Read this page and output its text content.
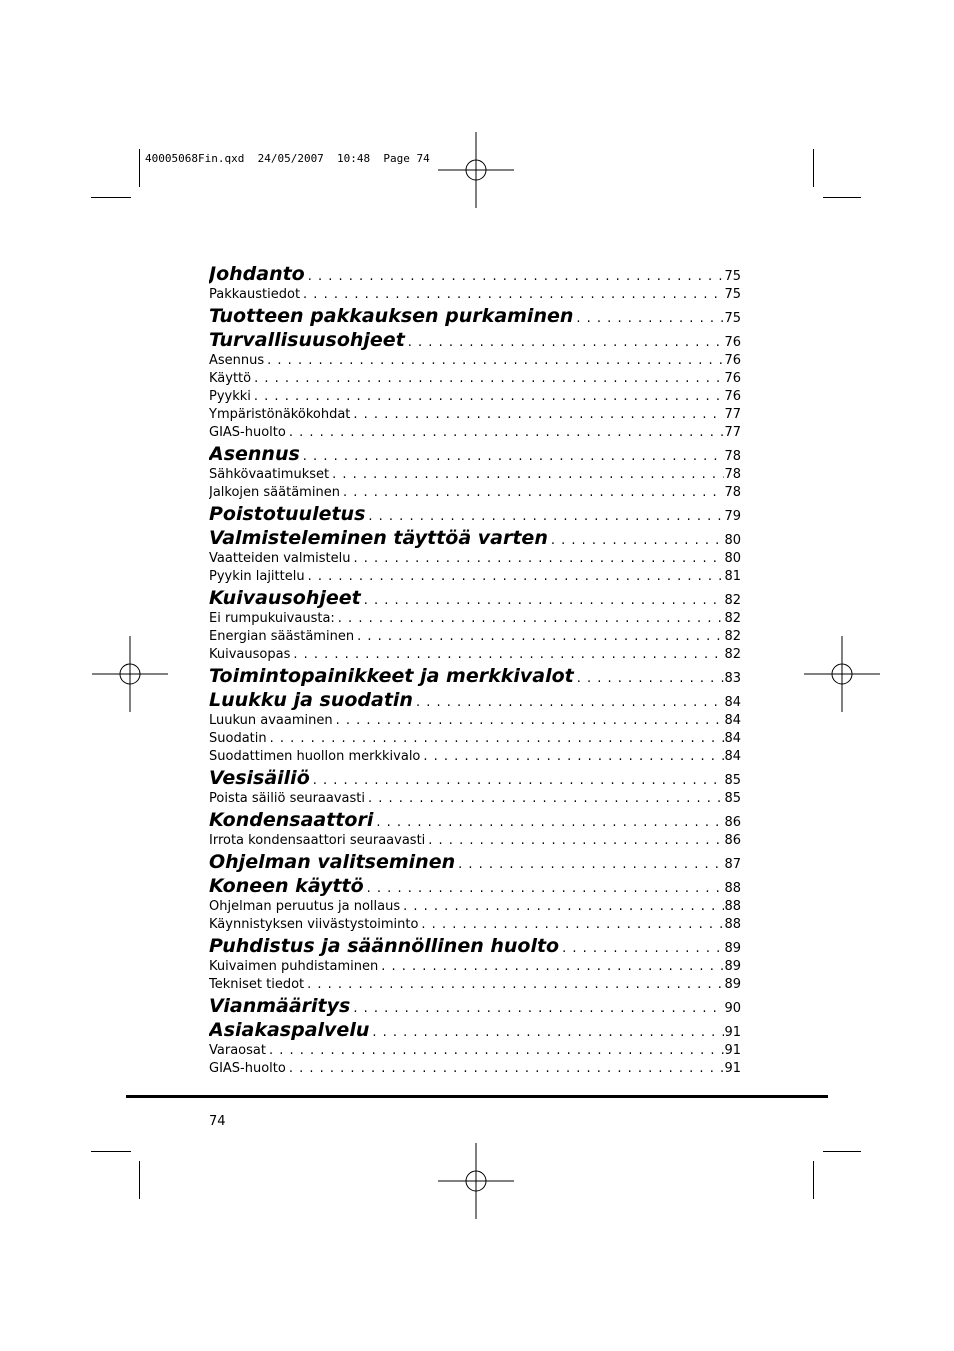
40005068Fin.qxd  24/05/2007  10:48  Page 74
Johdanto . . .	75
Pakkaustiedot . . .	75
Tuotteen pakkauksen purkaminen . . .	75
Turvallisuusohjeet . . .	76
Asennus . . .	76
Käyttö . . .	76
Pyykki . . .	76
Ympäristönäkökohdat . . .	77
GIAS-huolto . . .	77
Asennus . . .	78
Sähkövaatimukset . . .	78
Jalkojen säätäminen . . .	78
Poistotuuletus . . .	79
Valmisteleminen täyttöä varten . . .	80
Vaatteiden valmistelu . . .	80
Pyykin lajittelu . . .	81
Kuivausohjeet . . .	82
Ei rumpukuivausta: . . .	82
Energian säästäminen . . .	82
Kuivausopas . . .	82
Toimintopainikkeet ja merkkivalot . . .	83
Luukku ja suodatin . . .	84
Luukun avaaminen . . .	84
Suodatin . . .	84
Suodattimen huollon merkkivalo . . .	84
Vesisäiliö . . .	85
Poista säiliö seuraavasti . . .	85
Kondensaattori . . .	86
Irrota kondensaattori seuraavasti . . .	86
Ohjelman valitseminen . . .	87
Koneen käyttö . . .	88
Ohjelman peruutus ja nollaus . . .	88
Käynnistyksen viivästystoiminto . . .	88
Puhdistus ja säännöllinen huolto . . .	89
Kuivaimen puhdistaminen . . .	89
Tekniset tiedot . . .	89
Vianmääritys . . .	90
Asiakaspalvelu . . .	91
Varaosat . . .	91
GIAS-huolto . . .	91
74
